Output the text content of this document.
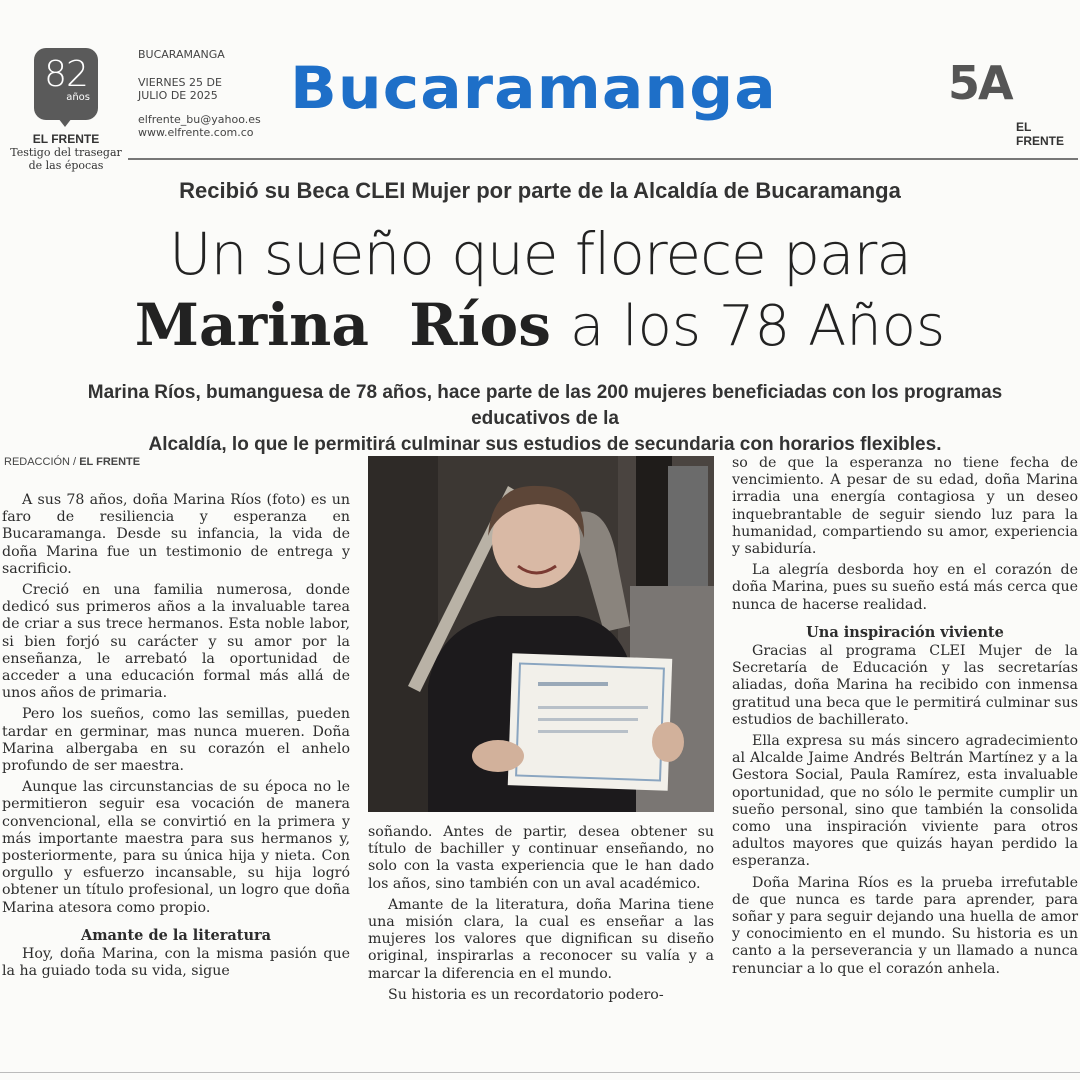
82
años
EL FRENTE
Testigo del trasegar
de las épocas
BUCARAMANGA
VIERNES 25 DE
JULIO DE 2025
elfrente_bu@yahoo.es
www.elfrente.com.co
Bucaramanga	5A
EL FRENTE
Recibió su Beca CLEI Mujer por parte de la Alcaldía de Bucaramanga
Un sueño que florece para
Marina  Ríos a los 78 Años
Marina Ríos, bumanguesa de 78 años, hace parte de las 200 mujeres beneficiadas con los programas educativos de la
Alcaldía, lo que le permitirá culminar sus estudios de secundaria con horarios flexibles.
REDACCIÓN / EL FRENTE

A sus 78 años, doña Marina Ríos (foto) es un faro de resiliencia y esperanza en Bucaramanga. Desde su infancia, la vida de doña Marina fue un testimonio de entrega y sacrificio.

Creció en una familia numerosa, donde dedicó sus primeros años a la invaluable tarea de criar a sus trece hermanos. Esta noble labor, si bien forjó su carácter y su amor por la enseñanza, le arrebató la oportunidad de acceder a una educación formal más allá de unos años de primaria.

Pero los sueños, como las semillas, pueden tardar en germinar, mas nunca mueren. Doña Marina albergaba en su corazón el anhelo profundo de ser maestra.

Aunque las circunstancias de su época no le permitieron seguir esa vocación de manera convencional, ella se convirtió en la primera y más importante maestra para sus hermanos y, posteriormente, para su única hija y nieta. Con orgullo y esfuerzo incansable, su hija logró obtener un título profesional, un logro que doña Marina atesora como propio.

Amante de la literatura

Hoy, doña Marina, con la misma pasión que la ha guiado toda su vida, sigue

soñando. Antes de partir, desea obtener su título de bachiller y continuar enseñando, no solo con la vasta experiencia que le han dado los años, sino también con un aval académico.

Amante de la literatura, doña Marina tiene una misión clara, la cual es enseñar a las mujeres los valores que dignifican su diseño original, inspirarlas a reconocer su valía y a marcar la diferencia en el mundo.

Su historia es un recordatorio podero-

so de que la esperanza no tiene fecha de vencimiento. A pesar de su edad, doña Marina irradia una energía contagiosa y un deseo inquebrantable de seguir siendo luz para la humanidad, compartiendo su amor, experiencia y sabiduría.

La alegría desborda hoy en el corazón de doña Marina, pues su sueño está más cerca que nunca de hacerse realidad.

Una inspiración viviente

Gracias al programa CLEI Mujer de la Secretaría de Educación y las secretarías aliadas, doña Marina ha recibido con inmensa gratitud una beca que le permitirá culminar sus estudios de bachillerato.

Ella expresa su más sincero agradecimiento al Alcalde Jaime Andrés Beltrán Martínez y a la Gestora Social, Paula Ramírez, esta invaluable oportunidad, que no sólo le permite cumplir un sueño personal, sino que también la consolida como una inspiración viviente para otros adultos mayores que quizás hayan perdido la esperanza.

Doña Marina Ríos es la prueba irrefutable de que nunca es tarde para aprender, para soñar y para seguir dejando una huella de amor y conocimiento en el mundo. Su historia es un canto a la perseverancia y un llamado a nunca renunciar a lo que el corazón anhela.
